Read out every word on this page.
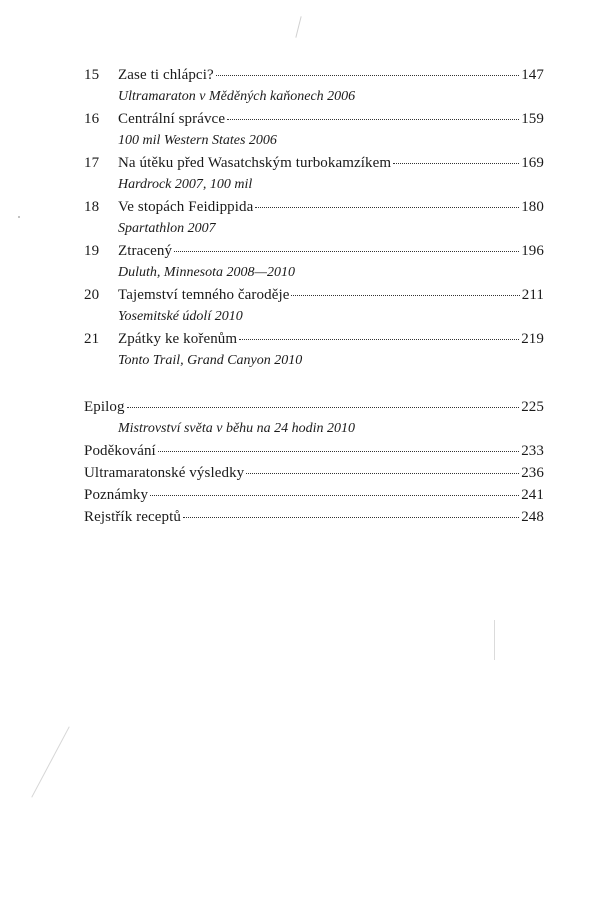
15	Zase ti chlápci?	147
Ultramaraton v Měděných kaňonech 2006
16	Centrální správce	159
100 mil Western States 2006
17	Na útěku před Wasatchským turbokamzíkem	169
Hardrock 2007, 100 mil
18	Ve stopách Feidippida	180
Spartathlon 2007
19	Ztracený	196
Duluth, Minnesota 2008—2010
20	Tajemství temného čaroděje	211
Yosemitské údolí 2010
21	Zpátky ke kořenům	219
Tonto Trail, Grand Canyon 2010
Epilog	225
Mistrovství světa v běhu na 24 hodin 2010
Poděkování	233
Ultramaratonské výsledky	236
Poznámky	241
Rejstřík receptů	248
